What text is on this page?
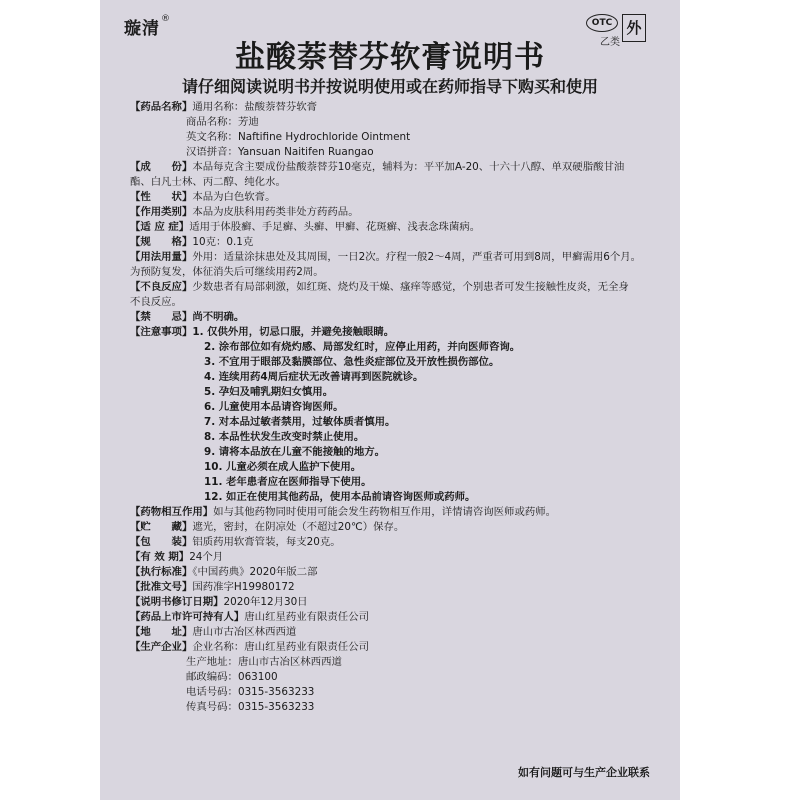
璇清®	OTC
乙类
外
盐酸萘替芬软膏说明书
请仔细阅读说明书并按说明使用或在药师指导下购买和使用
【药品名称】通用名称：盐酸萘替芬软膏
商品名称：芳迪
英文名称：Naftifine Hydrochloride Ointment
汉语拼音：Yansuan Naitifen Ruangao
【成　　份】本品每克含主要成份盐酸萘替芬10毫克，辅料为：平平加A-20、十六十八醇、单双硬脂酸甘油
酯、白凡士林、丙二醇、纯化水。
【性　　状】本品为白色软膏。
【作用类别】本品为皮肤科用药类非处方药药品。
【适 应 症】适用于体股癣、手足癣、头癣、甲癣、花斑癣、浅表念珠菌病。
【规　　格】10克：0.1克
【用法用量】外用：适量涂抹患处及其周围，一日2次。疗程一般2～4周，严重者可用到8周，甲癣需用6个月。
为预防复发，体征消失后可继续用药2周。
【不良反应】少数患者有局部刺激，如红斑、烧灼及干燥、瘙痒等感觉，个别患者可发生接触性皮炎，无全身
不良反应。
【禁　　忌】尚不明确。
【注意事项】1. 仅供外用，切忌口服，并避免接触眼睛。
2. 涂布部位如有烧灼感、局部发红时，应停止用药，并向医师咨询。
3. 不宜用于眼部及黏膜部位、急性炎症部位及开放性损伤部位。
4. 连续用药4周后症状无改善请再到医院就诊。
5. 孕妇及哺乳期妇女慎用。
6. 儿童使用本品请咨询医师。
7. 对本品过敏者禁用，过敏体质者慎用。
8. 本品性状发生改变时禁止使用。
9. 请将本品放在儿童不能接触的地方。
10. 儿童必须在成人监护下使用。
11. 老年患者应在医师指导下使用。
12. 如正在使用其他药品，使用本品前请咨询医师或药师。
【药物相互作用】如与其他药物同时使用可能会发生药物相互作用，详情请咨询医师或药师。
【贮　　藏】遮光，密封，在阴凉处（不超过20℃）保存。
【包　　装】铝质药用软膏管装，每支20克。
【有 效 期】24个月
【执行标准】《中国药典》2020年版二部
【批准文号】国药准字H19980172
【说明书修订日期】2020年12月30日
【药品上市许可持有人】唐山红星药业有限责任公司
【地　　址】唐山市古冶区林西西道
【生产企业】企业名称：唐山红星药业有限责任公司
生产地址：唐山市古冶区林西西道
邮政编码：063100
电话号码：0315-3563233
传真号码：0315-3563233
如有问题可与生产企业联系
